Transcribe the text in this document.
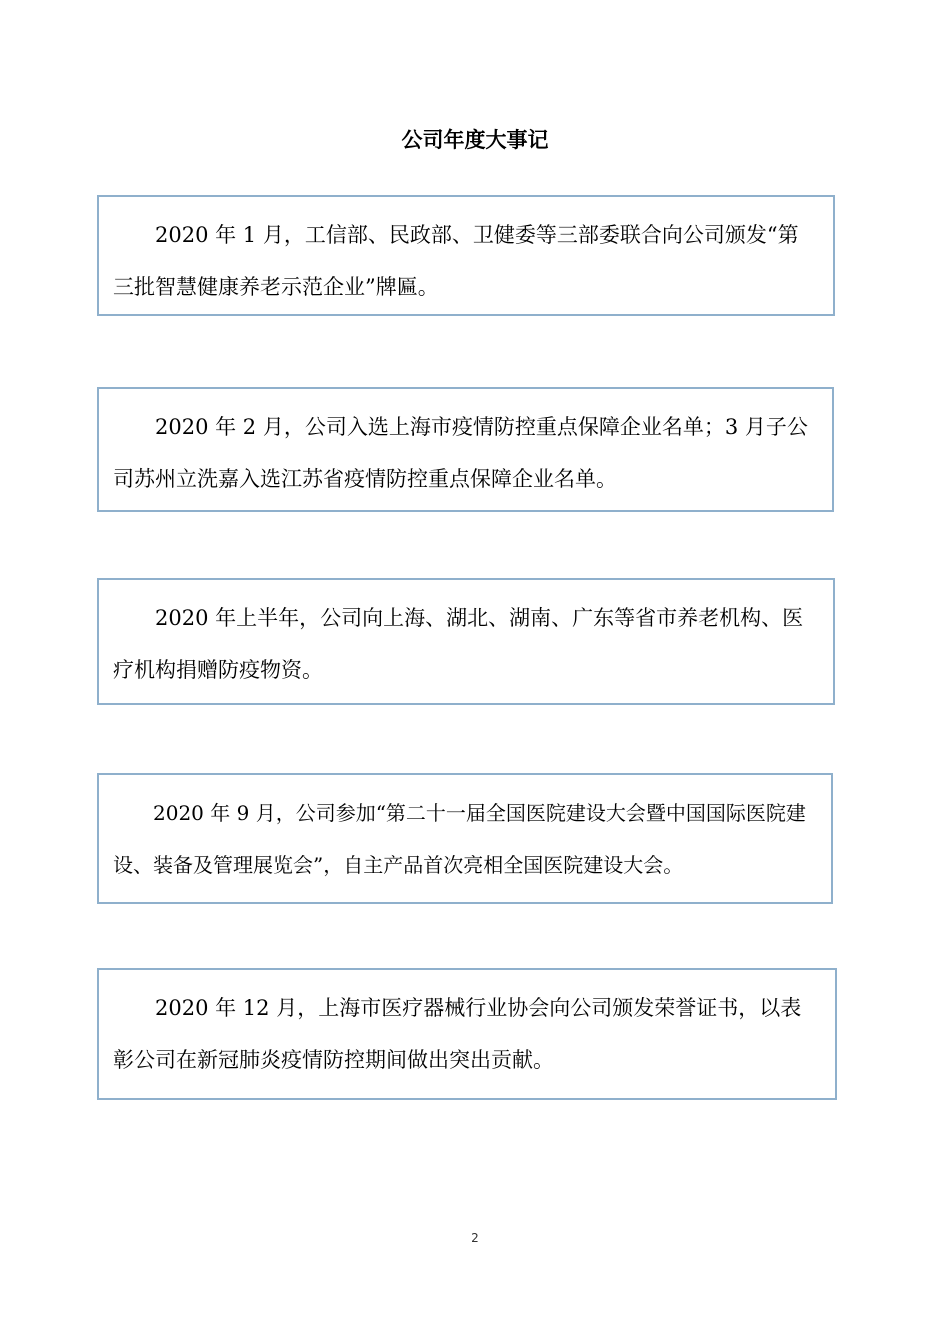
公司年度大事记
2020 年 1 月，工信部、民政部、卫健委等三部委联合向公司颁发“第三批智慧健康养老示范企业”牌匾。
2020 年 2 月，公司入选上海市疫情防控重点保障企业名单；3 月子公司苏州立洗嘉入选江苏省疫情防控重点保障企业名单。
2020 年上半年，公司向上海、湖北、湖南、广东等省市养老机构、医疗机构捐赠防疫物资。
2020 年 9 月，公司参加“第二十一届全国医院建设大会暨中国国际医院建设、装备及管理展览会”，自主产品首次亮相全国医院建设大会。
2020 年 12 月，上海市医疗器械行业协会向公司颁发荣誉证书，以表彰公司在新冠肺炎疫情防控期间做出突出贡献。
2
